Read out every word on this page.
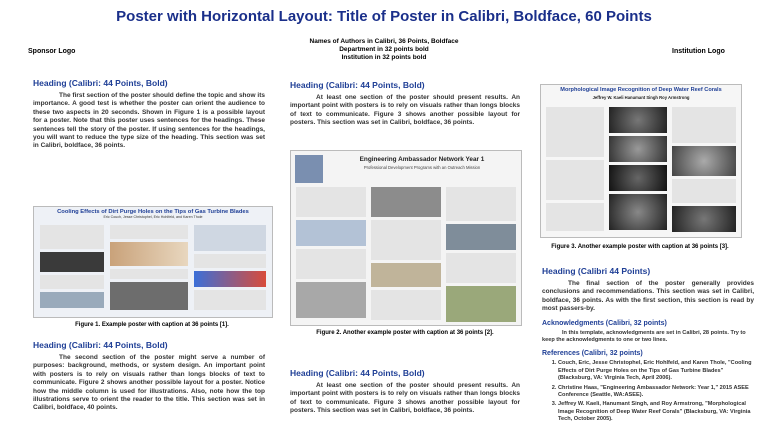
Poster with Horizontal Layout: Title of Poster in Calibri, Boldface, 60 Points
Names of Authors in Calibri, 36 Points, Boldface
Department in 32 points bold
Institution in 32 points bold
Sponsor Logo	Institution Logo
Heading (Calibri: 44 Points, Bold)

The first section of the poster should define the topic and show its importance. A good test is whether the poster can orient the audience to these two aspects in 20 seconds. Shown in Figure 1 is a possible layout for a poster. Note that this poster uses sentences for the headings. These sentences tell the story of the poster. If using sentences for the headings, you will want to reduce the type size of the heading. This section was set in Calibri, boldface, 36 points.

Cooling Effects of Dirt Purge Holes on the Tips of Gas Turbine Blades
Eric Couch, Jesse Christophel, Eric Hohlfeld, and Karen Thole
Figure 1. Example poster with caption at 36 points [1].
Heading (Calibri: 44 Points, Bold)

The second section of the poster might serve a number of purposes: background, methods, or system design. An important point with posters is to rely on visuals rather than longs blocks of text to communicate. Figure 2 shows another possible layout for a poster. Notice how the middle column is used for illustrations. Also, note how the top illustrations serve to orient the reader to the title. This section was set in Calibri, boldface, 40 points.

Heading (Calibri: 44 Points, Bold)

At least one section of the poster should present results. An important point with posters is to rely on visuals rather than longs blocks of text to communicate. Figure 3 shows another possible layout for posters. This section was set in Calibri, boldface, 36 points.

Engineering Ambassador Network Year 1
Professional Development Programs with an Outreach Mission
Figure 2. Another example poster with caption at 36 points [2].
Heading (Calibri: 44 Points, Bold)

At least one section of the poster should present results. An important point with posters is to rely on visuals rather than longs blocks of text to communicate. Figure 3 shows another possible layout for posters. This section was set in Calibri, boldface, 36 points.

Morphological Image Recognition of Deep Water Reef Corals
Jeffrey W. Kaeli Hanumant Singh Roy Armstrong
Figure 3. Another example poster with caption at 36 points [3].
Heading (Calibri 44 Points)

The final section of the poster generally provides conclusions and recommendations. This section was set in Calibri, boldface, 36 points. As with the first section, this section is read by most passers-by.

Acknowledgments (Calibri, 32 points)
In this template, acknowledgments are set in Calibri, 28 points. Try to keep the acknowledgments to one or two lines.
References (Calibri, 32 points)
1. Couch, Eric, Jesse Christophel, Eric Hohlfeld, and Karen Thole, "Cooling Effects of Dirt Purge Holes on the Tips of Gas Turbine Blades" (Blacksburg, VA: Virginia Tech, April 2006).
2. Christine Haas, "Engineering Ambassador Network: Year 1," 2015 ASEE Conference (Seattle, WA:ASEE).
3. Jeffrey W. Kaeli, Hanumant Singh, and Roy Armstrong, "Morphological Image Recognition of Deep Water Reef Corals" (Blacksburg, VA: Virginia Tech, October 2005).
